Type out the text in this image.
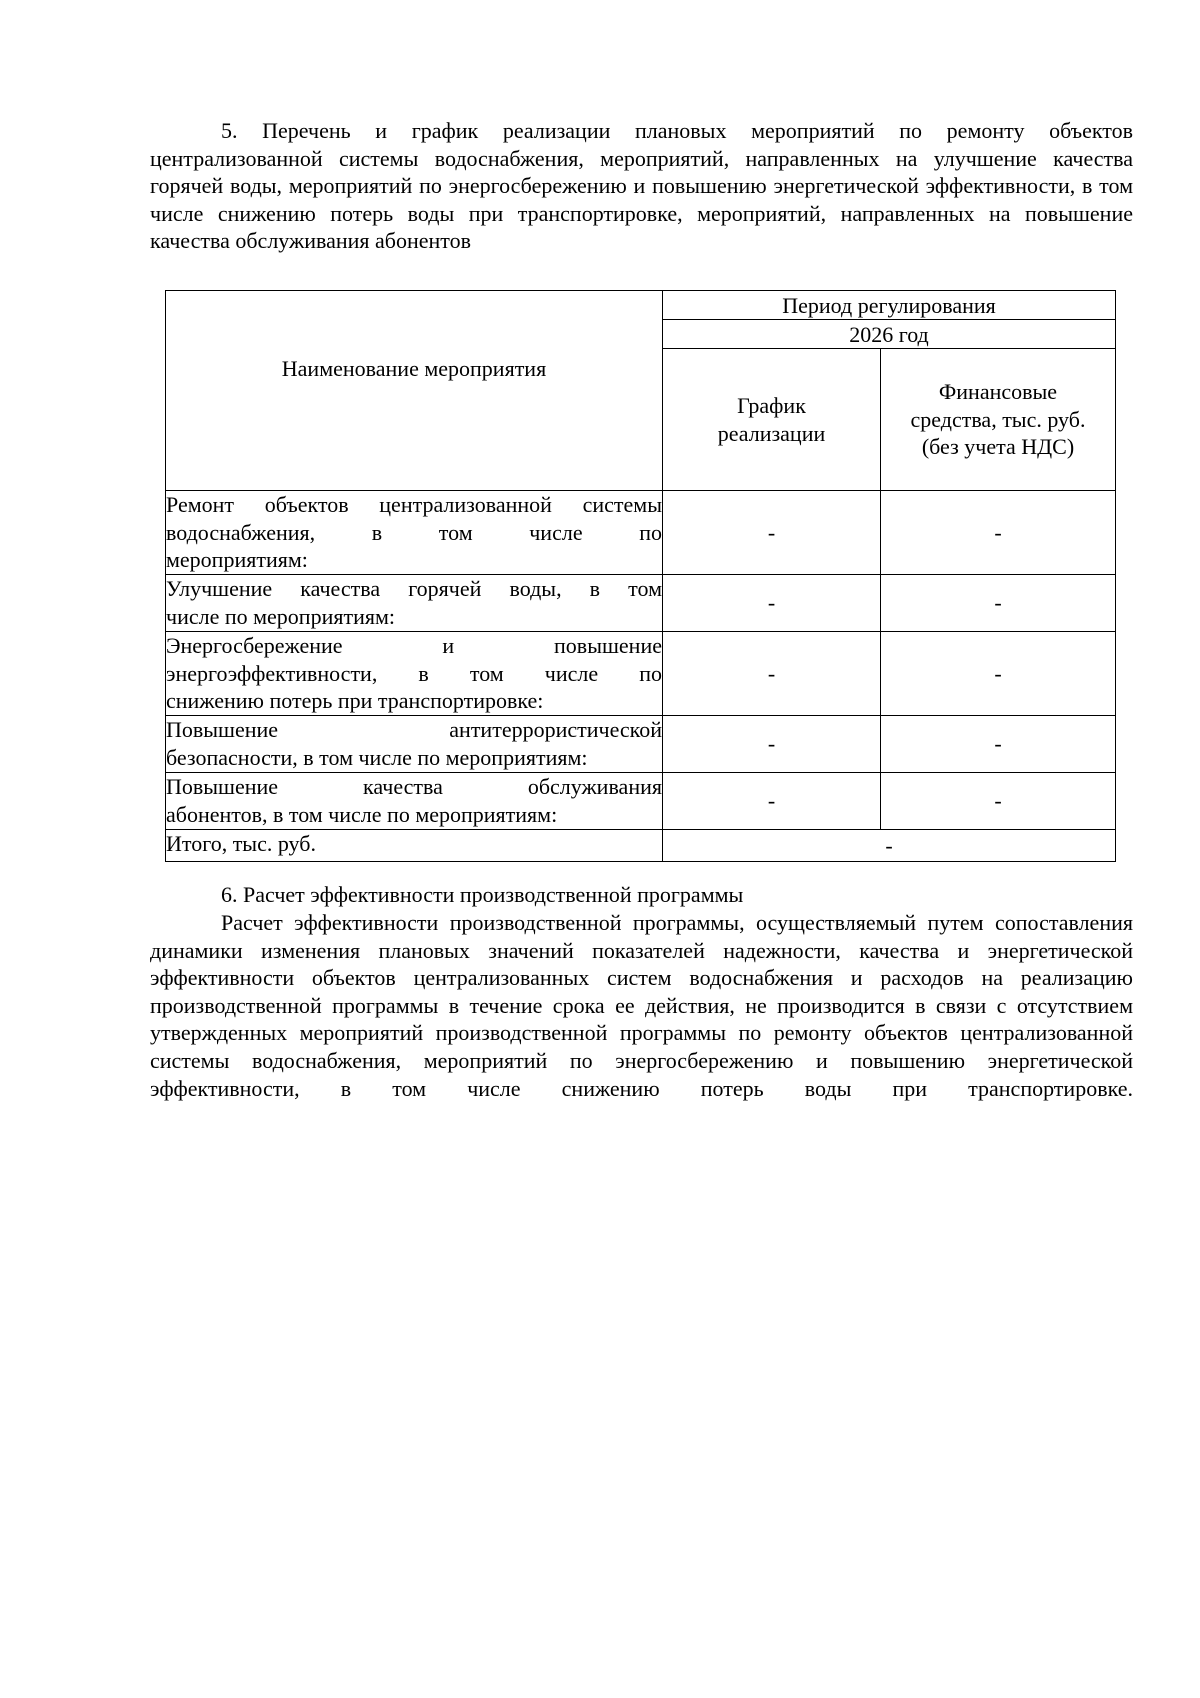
5. Перечень и график реализации плановых мероприятий по ремонту объектов централизованной системы водоснабжения, мероприятий, направленных на улучшение качества горячей воды, мероприятий по энергосбережению и повышению энергетической эффективности, в том числе снижению потерь воды при транспортировке, мероприятий, направленных на повышение качества обслуживания абонентов

Наименование мероприятия	Период регулирования	
	2026 год	

	График реализации	Финансовые средства, тыс. руб. (без учета НДС)

Ремонт объектов централизованной системы
водоснабжения, в том числе по
мероприятиям:	-	-

Улучшение качества горячей воды, в том
числе по мероприятиям:	-	-

Энергосбережение и повышение
энергоэффективности, в том числе по
снижению потерь при транспортировке:	-	-

Повышение антитеррористической
безопасности, в том числе по мероприятиям:	-	-

Повышение качества обслуживания
абонентов, в том числе по мероприятиям:	-	-
Итого, тыс. руб.	-	

6. Расчет эффективности производственной программы

Расчет эффективности производственной программы, осуществляемый путем сопоставления динамики изменения плановых значений показателей надежности, качества и энергетической эффективности объектов централизованных систем водоснабжения и расходов на реализацию производственной программы в течение срока ее действия, не производится в связи с отсутствием утвержденных мероприятий производственной программы по ремонту объектов централизованной системы водоснабжения, мероприятий по энергосбережению и повышению энергетической эффективности, в том числе снижению потерь воды при транспортировке.
